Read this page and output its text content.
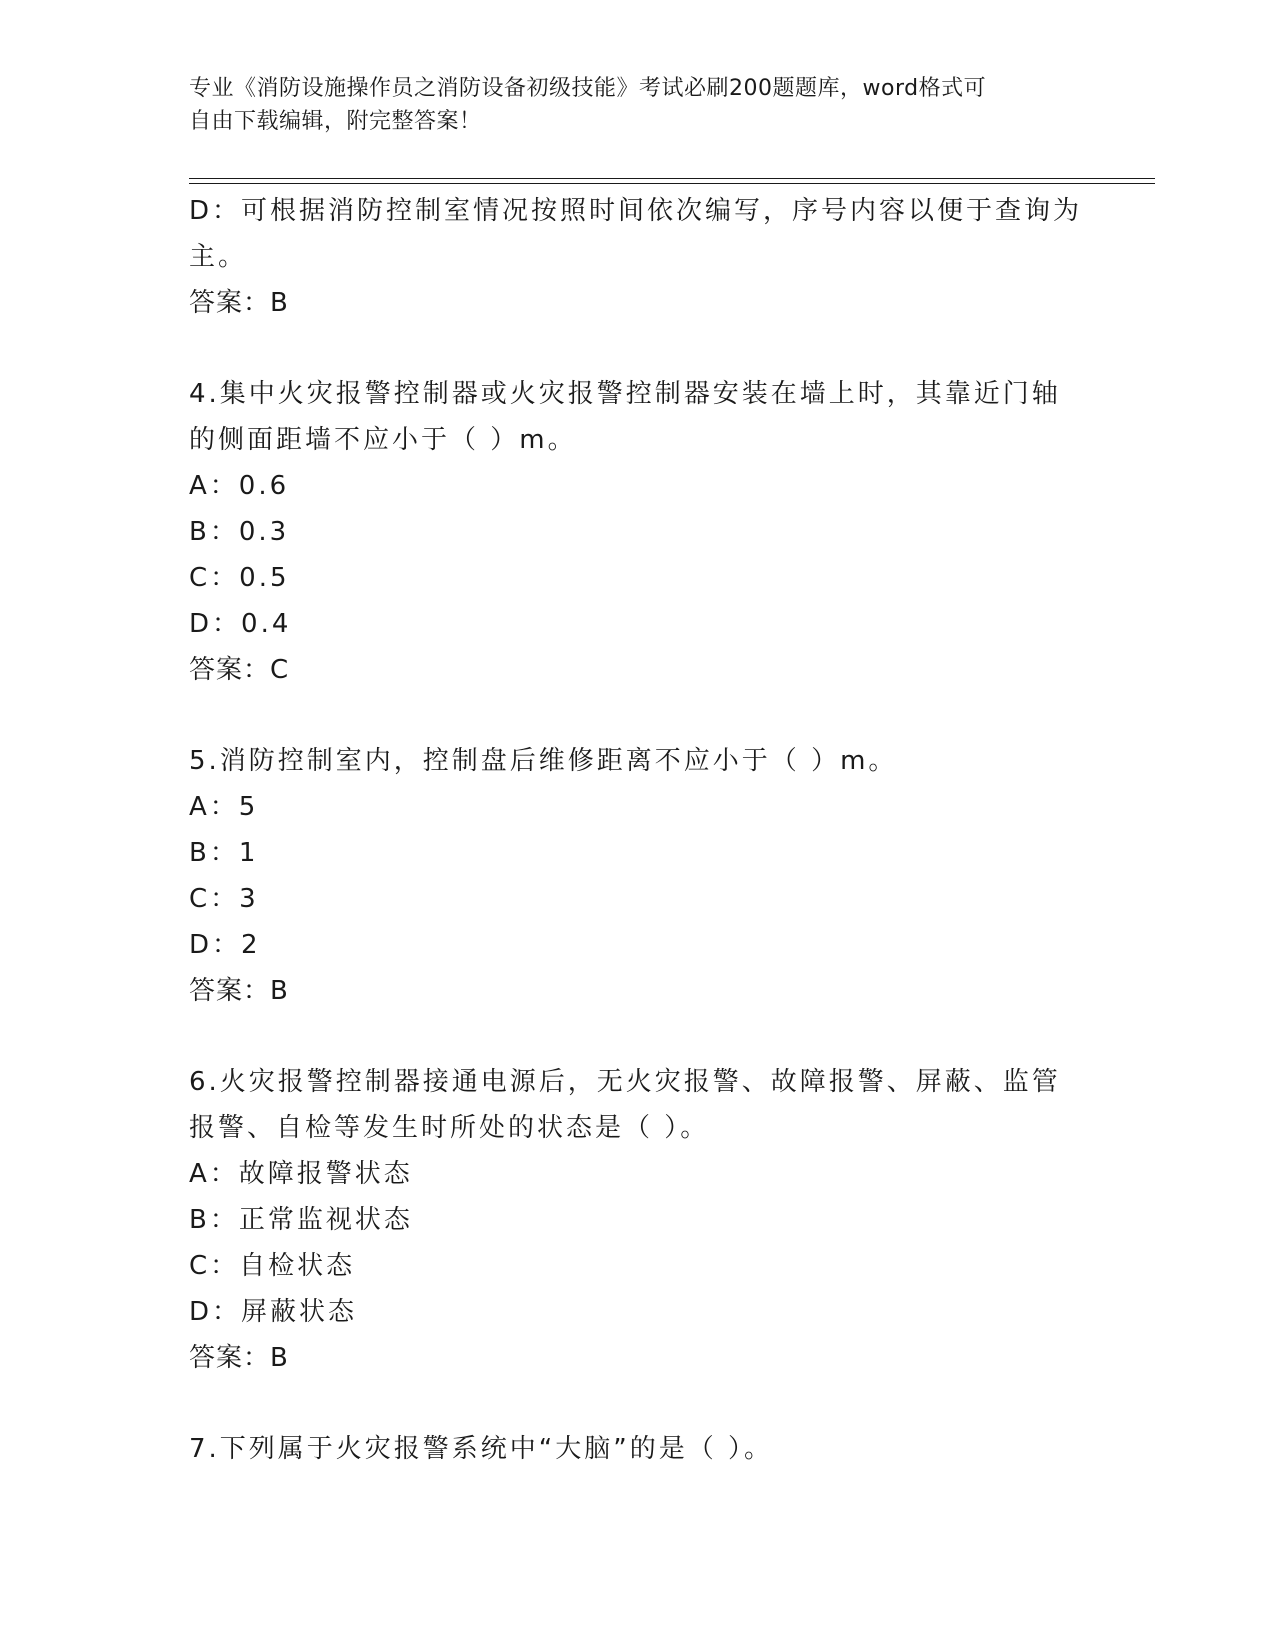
专业《消防设施操作员之消防设备初级技能》考试必刷200题题库，word格式可
自由下载编辑，附完整答案！
D：可根据消防控制室情况按照时间依次编写，序号内容以便于查询为
主。
答案：B
4.集中火灾报警控制器或火灾报警控制器安装在墙上时，其靠近门轴
的侧面距墙不应小于（ ）m。
A：0.6
B：0.3
C：0.5
D：0.4
答案：C
5.消防控制室内，控制盘后维修距离不应小于（ ）m。
A：5
B：1
C：3
D：2
答案：B
6.火灾报警控制器接通电源后，无火灾报警、故障报警、屏蔽、监管
报警、自检等发生时所处的状态是（ ）。
A：故障报警状态
B：正常监视状态
C：自检状态
D：屏蔽状态
答案：B
7.下列属于火灾报警系统中“大脑”的是（ ）。
